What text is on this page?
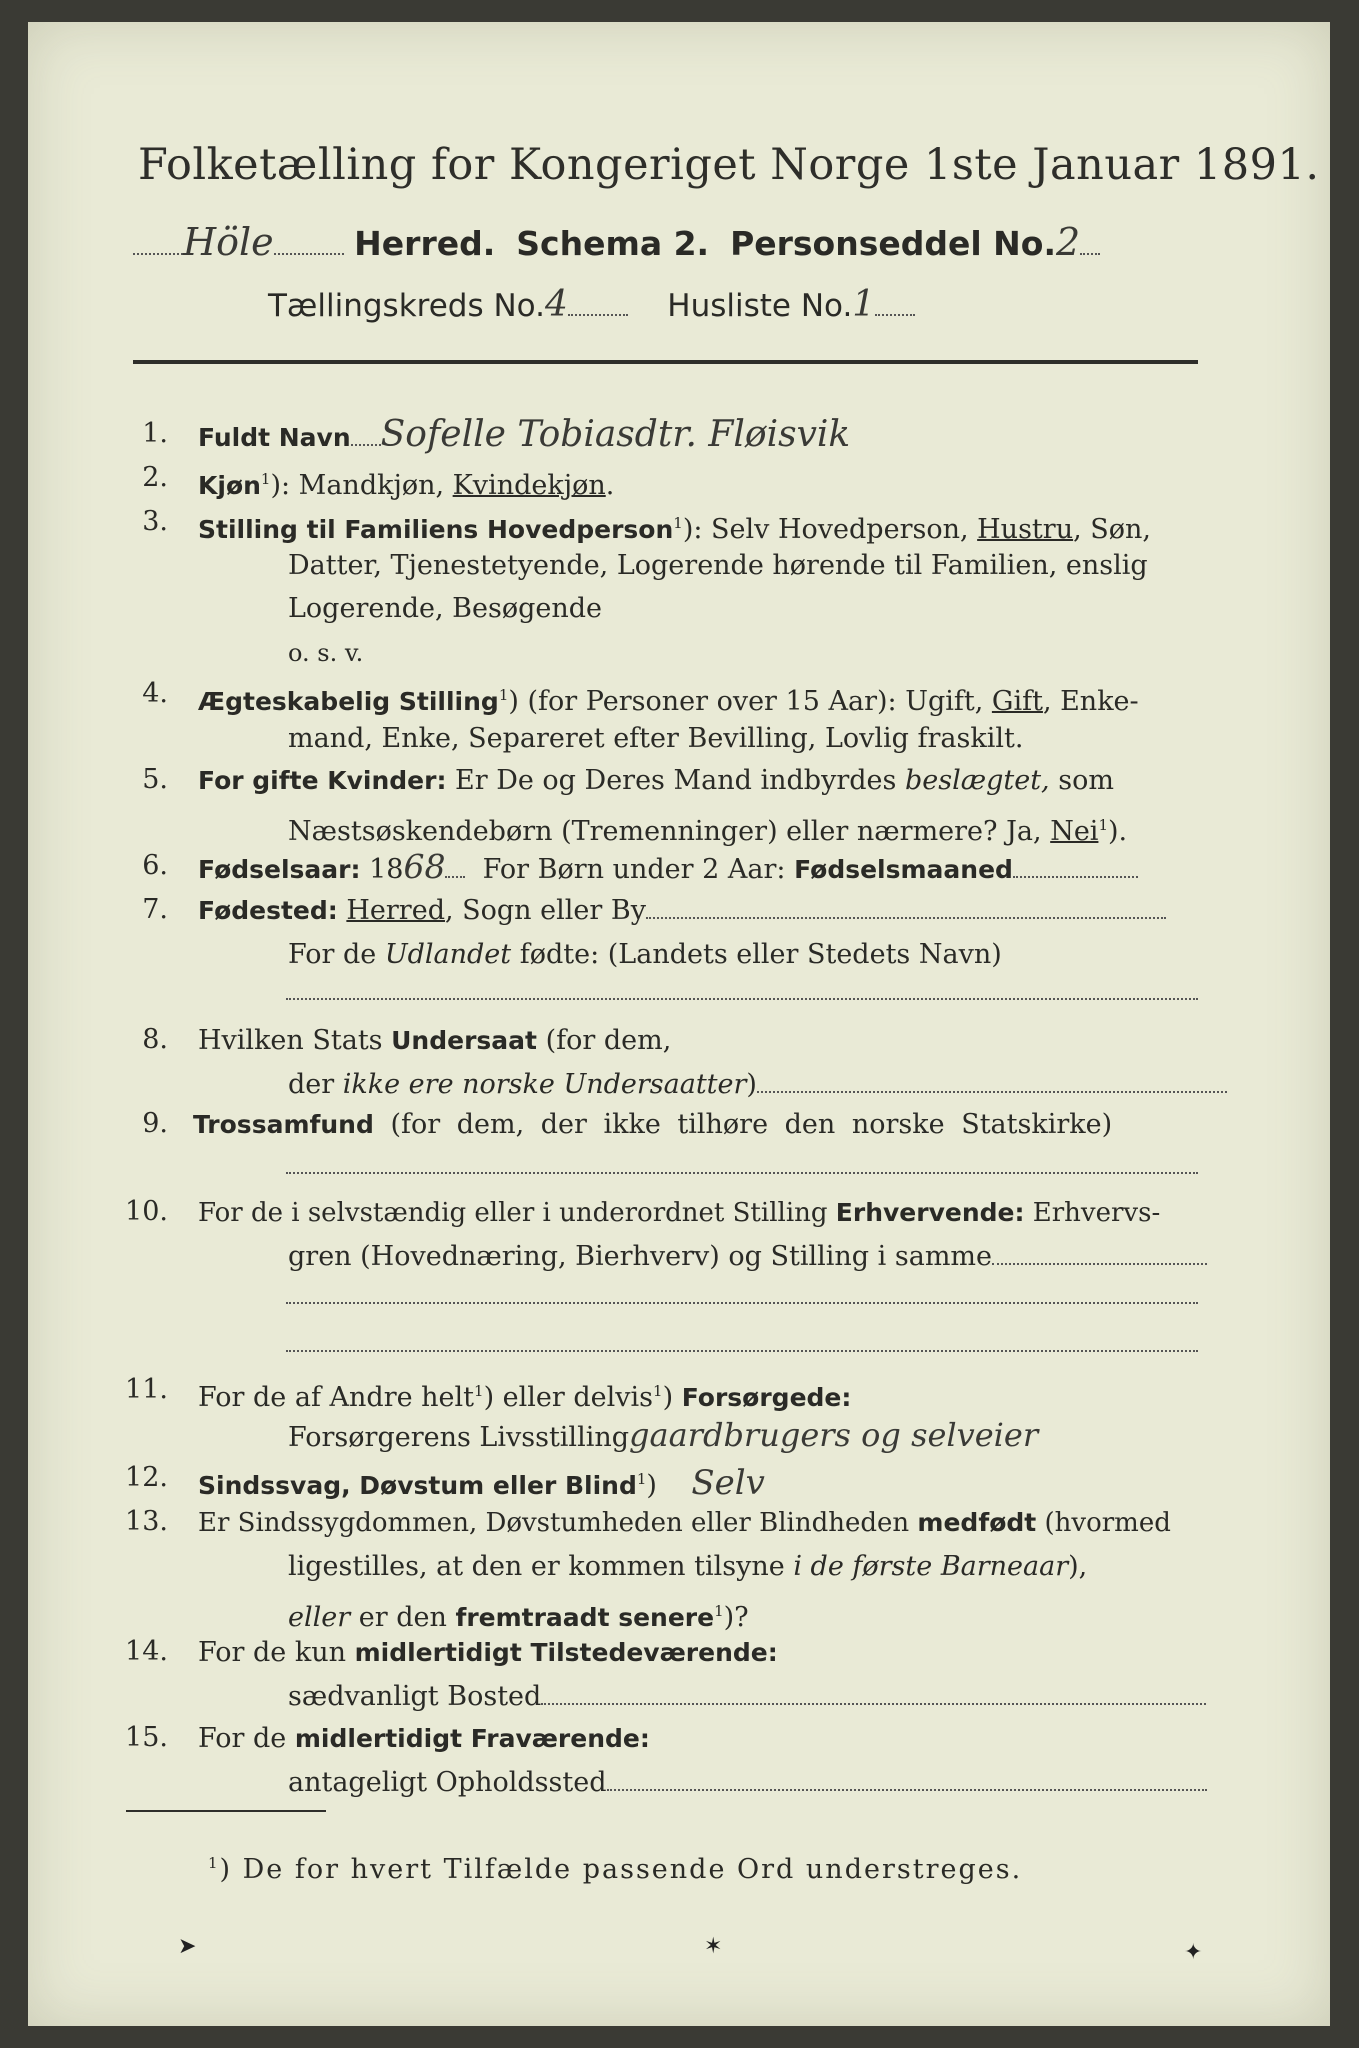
Folketælling for Kongeriget Norge 1ste Januar 1891.
Höle Herred. Schema 2. Personseddel No.2
Tællingskreds No.4	Husliste No.1
1. Fuldt Navn Sofelle Tobiasdtr. Fløisvik
2. Kjøn$^1$): Mandkjøn, Kvindekjøn.
3. Stilling til Familiens Hovedperson$^1$): Selv Hovedperson, Hustru, Søn,
Datter, Tjenestetyende, Logerende hørende til Familien, enslig
Logerende, Besøgende
o. s. v.
4. Ægteskabelig Stilling$^1$) (for Personer over 15 Aar): Ugift, Gift, Enke-
mand, Enke, Separeret efter Bevilling, Lovlig fraskilt.
5. For gifte Kvinder: Er De og Deres Mand indbyrdes beslægtet, som
Næstsøskendebørn (Tremenninger) eller nærmere? Ja, Nei$^1$).
6. Fødselsaar: 1868 For Børn under 2 Aar: Fødselsmaaned
7. Fødested: Herred, Sogn eller By
For de Udlandet fødte: (Landets eller Stedets Navn)
8. Hvilken Stats Undersaat (for dem,
der ikke ere norske Undersaatter)
9. Trossamfund (for dem, der ikke tilhøre den norske Statskirke)
10. For de i selvstændig eller i underordnet Stilling Erhvervende: Erhvervs-
gren (Hovednæring, Bierhverv) og Stilling i samme
11. For de af Andre helt$^1$) eller delvis$^1$) Forsørgede:
Forsørgerens Livsstillinggaardbrugers og selveier
12. Sindssvag, Døvstum eller Blind$^1$) Selv
13. Er Sindssygdommen, Døvstumheden eller Blindheden medfødt (hvormed
ligestilles, at den er kommen tilsyne i de første Barneaar),
eller er den fremtraadt senere$^1$)?
14. For de kun midlertidigt Tilstedeværende:
sædvanligt Bosted
15. For de midlertidigt Fraværende:
antageligt Opholdssted
$^1$) De for hvert Tilfælde passende Ord understreges.
➤	✶	✦
